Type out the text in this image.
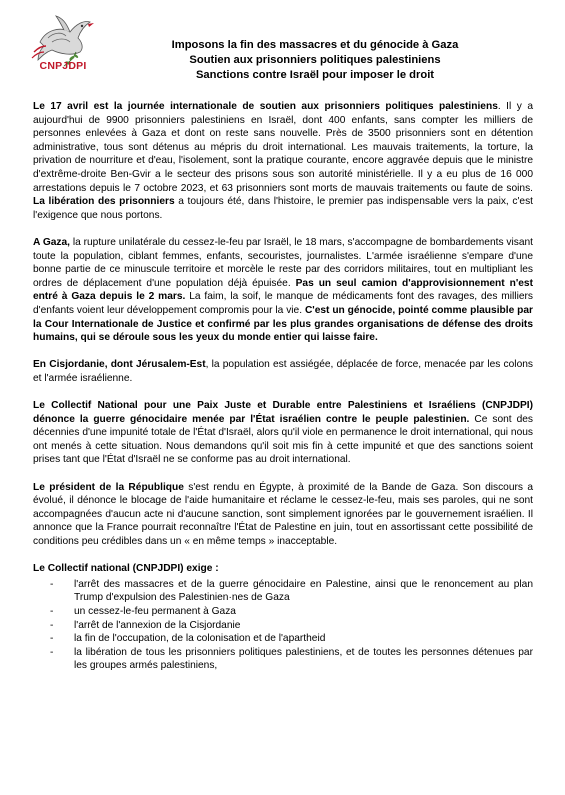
CNPJDPI
Imposons la fin des massacres et du génocide à Gaza
Soutien aux prisonniers politiques palestiniens
Sanctions contre Israël pour imposer le droit

Le 17 avril est la journée internationale de soutien aux prisonniers politiques palestiniens. Il y a aujourd'hui de 9900 prisonniers palestiniens en Israël, dont 400 enfants, sans compter les milliers de personnes enlevées à Gaza et dont on reste sans nouvelle. Près de 3500 prisonniers sont en détention administrative, tous sont détenus au mépris du droit international. Les mauvais traitements, la torture, la privation de nourriture et d'eau, l'isolement, sont la pratique courante, encore aggravée depuis que le ministre d'extrême-droite Ben-Gvir a le secteur des prisons sous son autorité ministérielle. Il y a eu plus de 16 000 arrestations depuis le 7 octobre 2023, et 63 prisonniers sont morts de mauvais traitements ou faute de soins. La libération des prisonniers a toujours été, dans l'histoire, le premier pas indispensable vers la paix, c'est l'exigence que nous portons.

A Gaza, la rupture unilatérale du cessez-le-feu par Israël, le 18 mars, s'accompagne de bombardements visant toute la population, ciblant femmes, enfants, secouristes, journalistes. L'armée israélienne s'empare d'une bonne partie de ce minuscule territoire et morcèle le reste par des corridors militaires, tout en multipliant les ordres de déplacement d'une population déjà épuisée. Pas un seul camion d'approvisionnement n'est entré à Gaza depuis le 2 mars. La faim, la soif, le manque de médicaments font des ravages, des milliers d'enfants voient leur développement compromis pour la vie. C'est un génocide, pointé comme plausible par la Cour Internationale de Justice et confirmé par les plus grandes organisations de défense des droits humains, qui se déroule sous les yeux du monde entier qui laisse faire.

En Cisjordanie, dont Jérusalem-Est, la population est assiégée, déplacée de force, menacée par les colons et l'armée israélienne.

Le Collectif National pour une Paix Juste et Durable entre Palestiniens et Israéliens (CNPJDPI) dénonce la guerre génocidaire menée par l'État israélien contre le peuple palestinien. Ce sont des décennies d'une impunité totale de l'État d'Israël, alors qu'il viole en permanence le droit international, qui nous ont menés à cette situation. Nous demandons qu'il soit mis fin à cette impunité et que des sanctions soient prises tant que l'État d'Israël ne se conforme pas au droit international.

Le président de la République s'est rendu en Égypte, à proximité de la Bande de Gaza. Son discours a évolué, il dénonce le blocage de l'aide humanitaire et réclame le cessez-le-feu, mais ses paroles, qui ne sont accompagnées d'aucun acte ni d'aucune sanction, sont simplement ignorées par le gouvernement israélien. Il annonce que la France pourrait reconnaître l'État de Palestine en juin, tout en assortissant cette possibilité de conditions peu crédibles dans un « en même temps » inacceptable.

Le Collectif national (CNPJDPI) exige :
- l'arrêt des massacres et de la guerre génocidaire en Palestine, ainsi que le renoncement au plan Trump d'expulsion des Palestinien·nes de Gaza
- un cessez-le-feu permanent à Gaza
- l'arrêt de l'annexion de la Cisjordanie
- la fin de l'occupation, de la colonisation et de l'apartheid
- la libération de tous les prisonniers politiques palestiniens, et de toutes les personnes détenues par les groupes armés palestiniens,
